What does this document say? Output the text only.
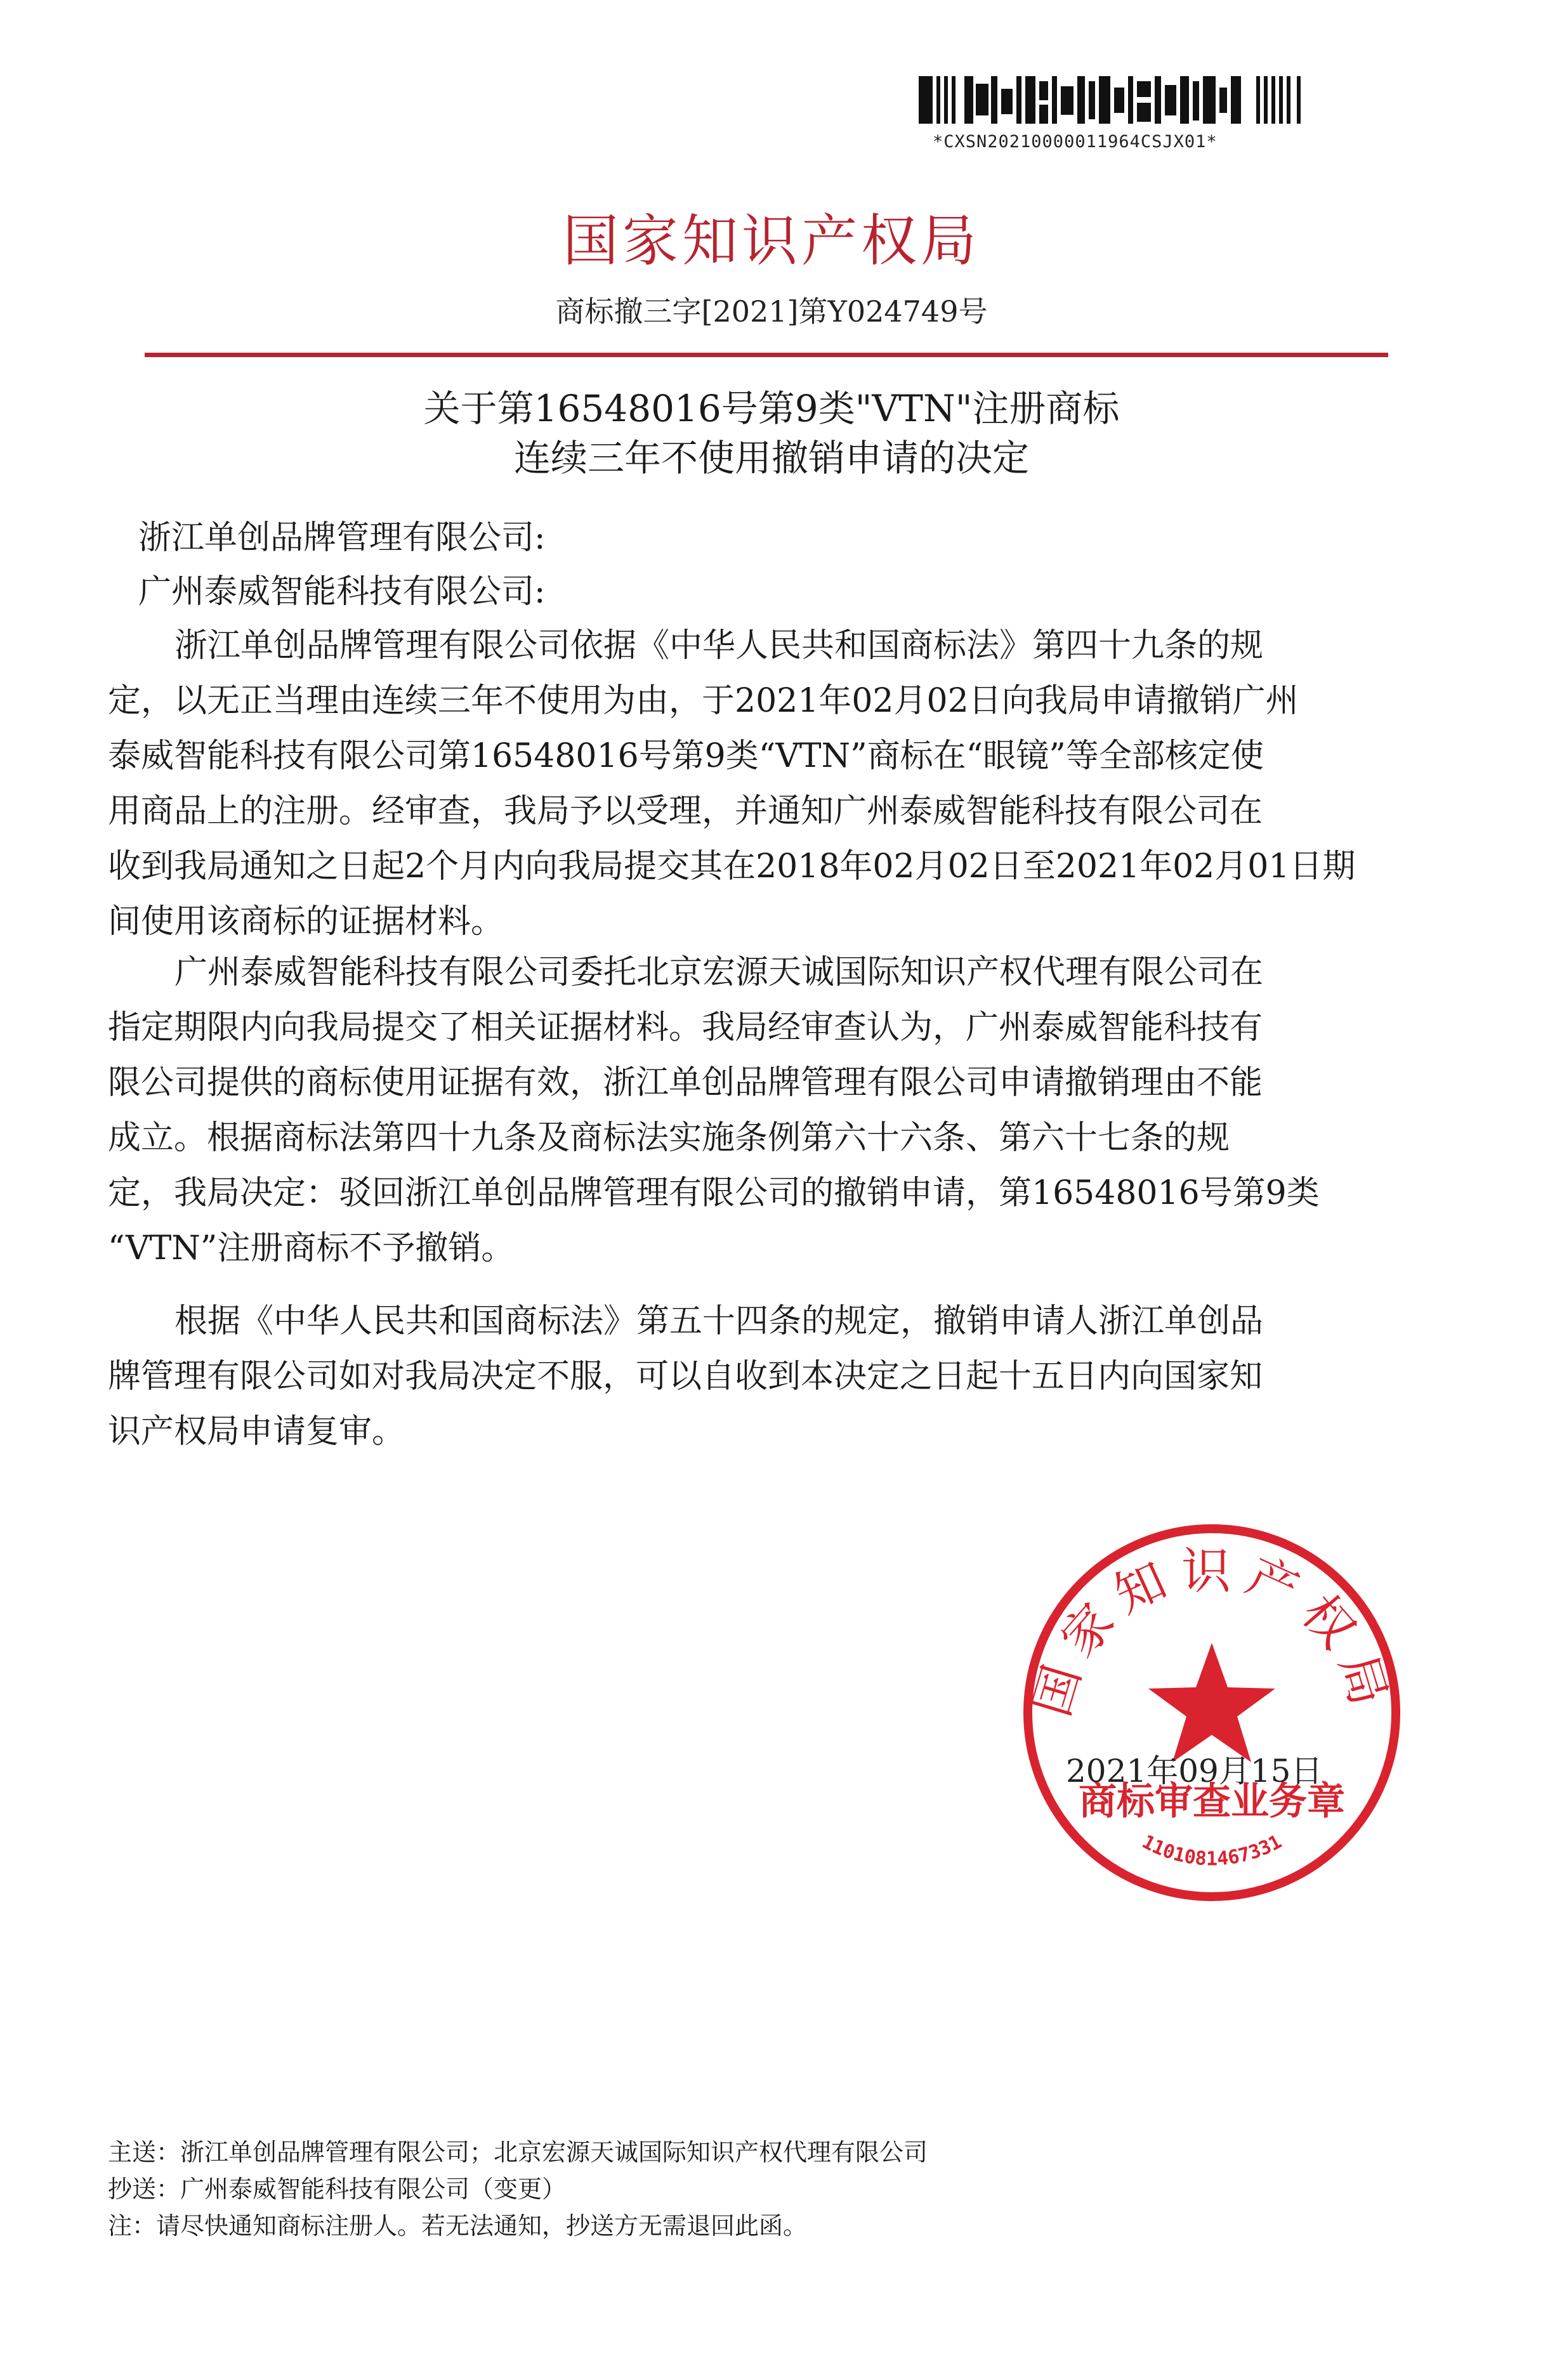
*CXSN20210000011964CSJX01*
国家知识产权局
商标撤三字[2021]第Y024749号
关于第16548016号第9类"VTN"注册商标
连续三年不使用撤销申请的决定
浙江单创品牌管理有限公司:
广州泰威智能科技有限公司:
浙江单创品牌管理有限公司依据《中华人民共和国商标法》第四十九条的规
定，以无正当理由连续三年不使用为由，于2021年02月02日向我局申请撤销广州
泰威智能科技有限公司第16548016号第9类“VTN”商标在“眼镜”等全部核定使
用商品上的注册。经审查，我局予以受理，并通知广州泰威智能科技有限公司在
收到我局通知之日起2个月内向我局提交其在2018年02月02日至2021年02月01日期
间使用该商标的证据材料。
广州泰威智能科技有限公司委托北京宏源天诚国际知识产权代理有限公司在
指定期限内向我局提交了相关证据材料。我局经审查认为，广州泰威智能科技有
限公司提供的商标使用证据有效，浙江单创品牌管理有限公司申请撤销理由不能
成立。根据商标法第四十九条及商标法实施条例第六十六条、第六十七条的规
定，我局决定：驳回浙江单创品牌管理有限公司的撤销申请，第16548016号第9类
“VTN”注册商标不予撤销。
根据《中华人民共和国商标法》第五十四条的规定，撤销申请人浙江单创品
牌管理有限公司如对我局决定不服，可以自收到本决定之日起十五日内向国家知
识产权局申请复审。
国家知识产权局
商标审查业务章
1101081467331
2021年09月15日
主送：浙江单创品牌管理有限公司；北京宏源天诚国际知识产权代理有限公司
抄送：广州泰威智能科技有限公司（变更）
注：请尽快通知商标注册人。若无法通知，抄送方无需退回此函。
